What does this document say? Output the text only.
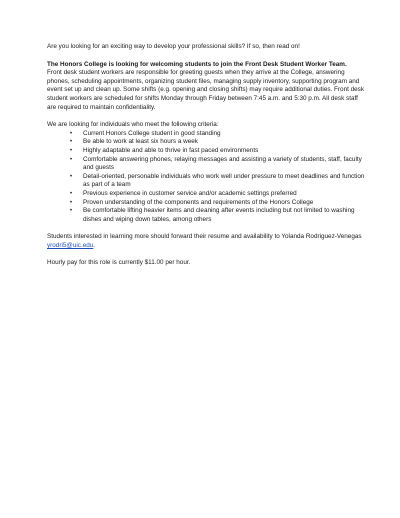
Are you looking for an exciting way to develop your professional skills? If so, then read on!

The Honors College is looking for welcoming students to join the Front Desk Student Worker Team.
Front desk student workers are responsible for greeting guests when they arrive at the College, answering phones, scheduling appointments, organizing student files, managing supply inventory, supporting program and event set up and clean up. Some shifts (e.g. opening and closing shifts) may require additional duties. Front desk student workers are scheduled for shifts Monday through Friday between 7:45 a.m. and 5:30 p.m. All desk staff are required to maintain confidentiality.

We are looking for individuals who meet the following criteria:

• Current Honors College student in good standing
• Be able to work at least six hours a week
• Highly adaptable and able to thrive in fast paced environments
• Comfortable answering phones, relaying messages and assisting a variety of students, staff, faculty and guests
• Detail-oriented, personable individuals who work well under pressure to meet deadlines and function as part of a team
• Previous experience in customer service and/or academic settings preferred
• Proven understanding of the components and requirements of the Honors College
• Be comfortable lifting heavier items and cleaning after events including but not limited to washing dishes and wiping down tables, among others

Students interested in learning more should forward their resume and availability to Yolanda Rodriguez-Venegas yrodri5@uic.edu.

Hourly pay for this role is currently $11.00 per hour.
